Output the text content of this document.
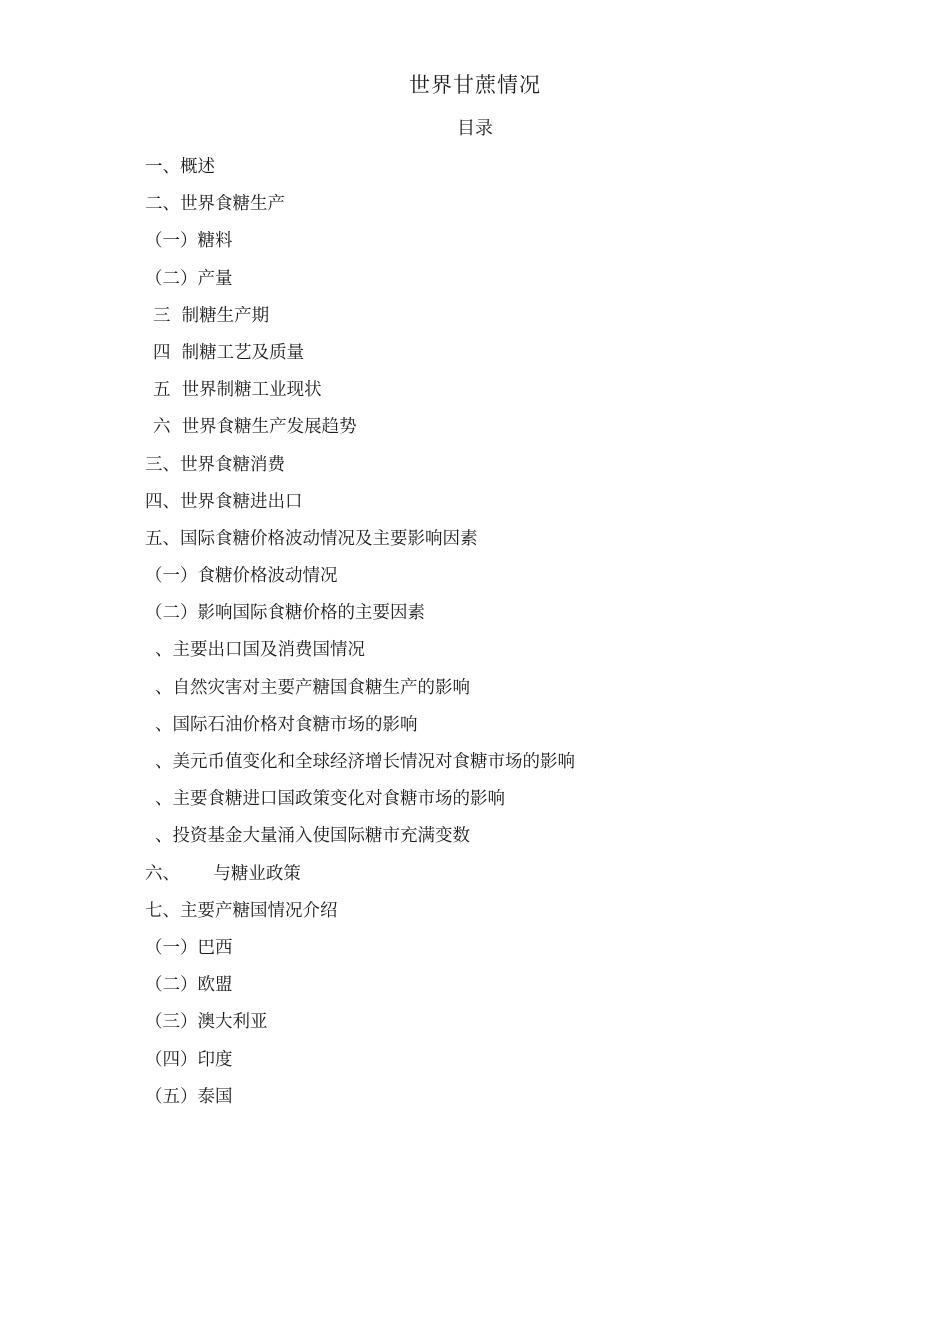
世界甘蔗情况
目录
一、概述
二、世界食糖生产
（一）糖料
（二）产量
三  制糖生产期
四  制糖工艺及质量
五  世界制糖工业现状
六  世界食糖生产发展趋势
三、世界食糖消费
四、世界食糖进出口
五、国际食糖价格波动情况及主要影响因素
（一）食糖价格波动情况
（二）影响国际食糖价格的主要因素
、主要出口国及消费国情况
、自然灾害对主要产糖国食糖生产的影响
、国际石油价格对食糖市场的影响
、美元币值变化和全球经济增长情况对食糖市场的影响
、主要食糖进口国政策变化对食糖市场的影响
、投资基金大量涌入使国际糖市充满变数
六、      与糖业政策
七、主要产糖国情况介绍
（一）巴西
（二）欧盟
（三）澳大利亚
（四）印度
（五）泰国
